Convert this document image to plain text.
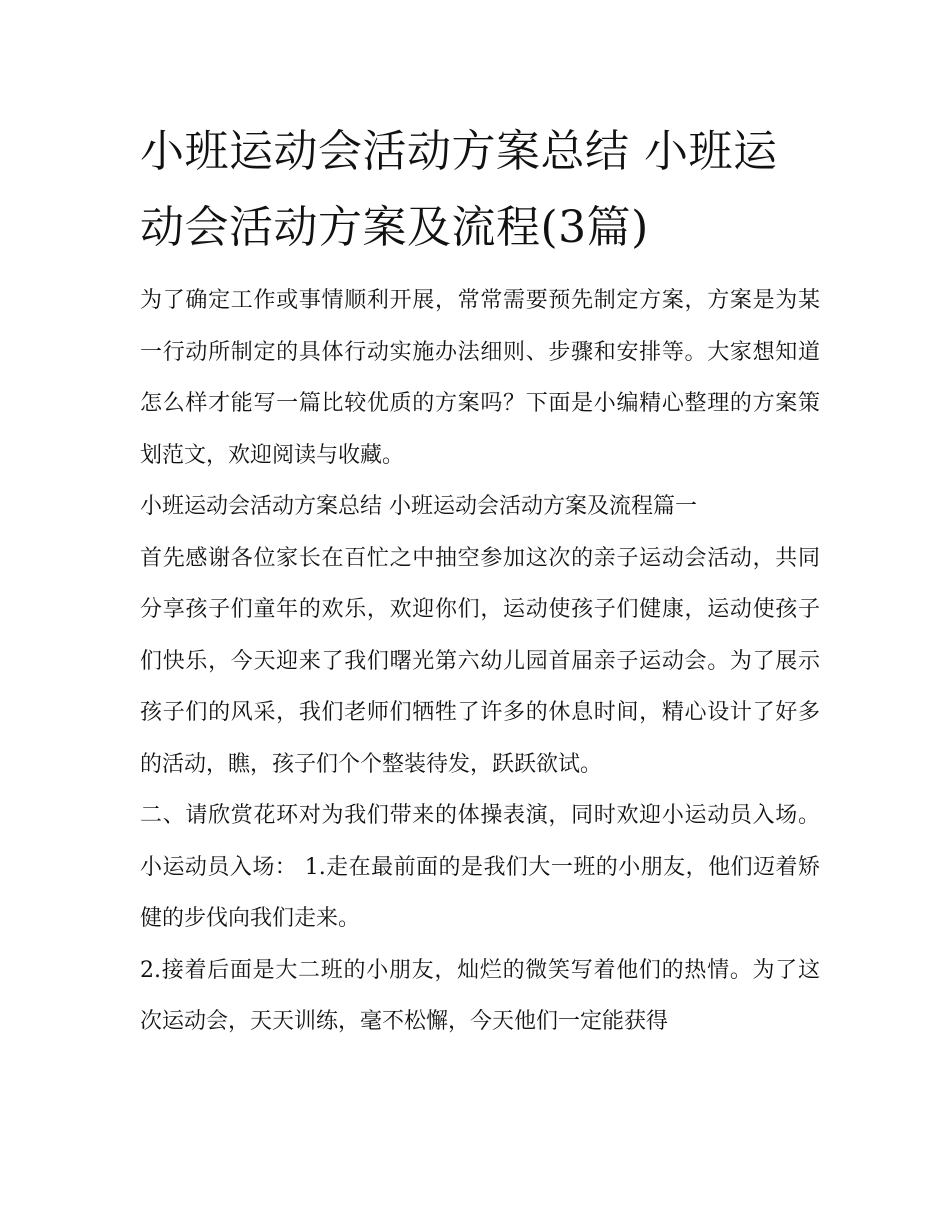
小班运动会活动方案总结 小班运动会活动方案及流程(3篇)

为了确定工作或事情顺利开展，常常需要预先制定方案，方案是为某一行动所制定的具体行动实施办法细则、步骤和安排等。大家想知道怎么样才能写一篇比较优质的方案吗？下面是小编精心整理的方案策划范文，欢迎阅读与收藏。

小班运动会活动方案总结 小班运动会活动方案及流程篇一

首先感谢各位家长在百忙之中抽空参加这次的亲子运动会活动，共同分享孩子们童年的欢乐，欢迎你们，运动使孩子们健康，运动使孩子们快乐，今天迎来了我们曙光第六幼儿园首届亲子运动会。为了展示孩子们的风采，我们老师们牺牲了许多的休息时间，精心设计了好多的活动，瞧，孩子们个个整装待发，跃跃欲试。

二、请欣赏花环对为我们带来的体操表演，同时欢迎小运动员入场。 小运动员入场： 1.走在最前面的是我们大一班的小朋友，他们迈着矫健的步伐向我们走来。

2.接着后面是大二班的小朋友，灿烂的微笑写着他们的热情。为了这次运动会，天天训练，毫不松懈，今天他们一定能获得
